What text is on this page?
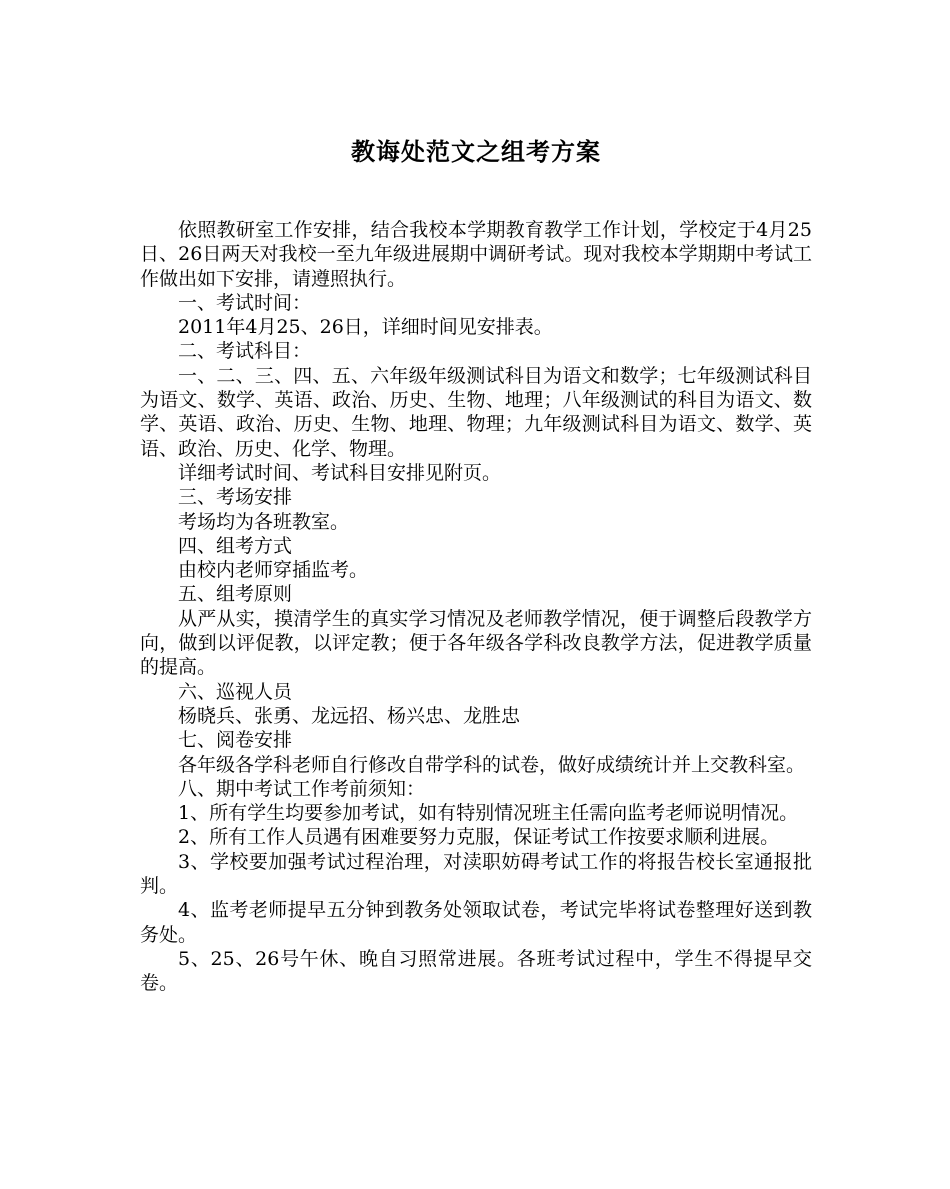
教诲处范文之组考方案

依照教研室工作安排，结合我校本学期教育教学工作计划，学校定于4月25日、26日两天对我校一至九年级进展期中调研考试。现对我校本学期期中考试工作做出如下安排，请遵照执行。

一、考试时间：

2011年4月25、26日，详细时间见安排表。

二、考试科目：

一、二、三、四、五、六年级年级测试科目为语文和数学；七年级测试科目为语文、数学、英语、政治、历史、生物、地理；八年级测试的科目为语文、数学、英语、政治、历史、生物、地理、物理；九年级测试科目为语文、数学、英语、政治、历史、化学、物理。

详细考试时间、考试科目安排见附页。

三、考场安排

考场均为各班教室。

四、组考方式

由校内老师穿插监考。

五、组考原则

从严从实，摸清学生的真实学习情况及老师教学情况，便于调整后段教学方向，做到以评促教，以评定教；便于各年级各学科改良教学方法，促进教学质量的提高。

六、巡视人员

杨晓兵、张勇、龙远招、杨兴忠、龙胜忠

七、阅卷安排

各年级各学科老师自行修改自带学科的试卷，做好成绩统计并上交教科室。

八、期中考试工作考前须知：

1、所有学生均要参加考试，如有特别情况班主任需向监考老师说明情况。

2、所有工作人员遇有困难要努力克服，保证考试工作按要求顺利进展。

3、学校要加强考试过程治理，对渎职妨碍考试工作的将报告校长室通报批判。

4、监考老师提早五分钟到教务处领取试卷，考试完毕将试卷整理好送到教务处。

5、25、26号午休、晚自习照常进展。各班考试过程中，学生不得提早交卷。
